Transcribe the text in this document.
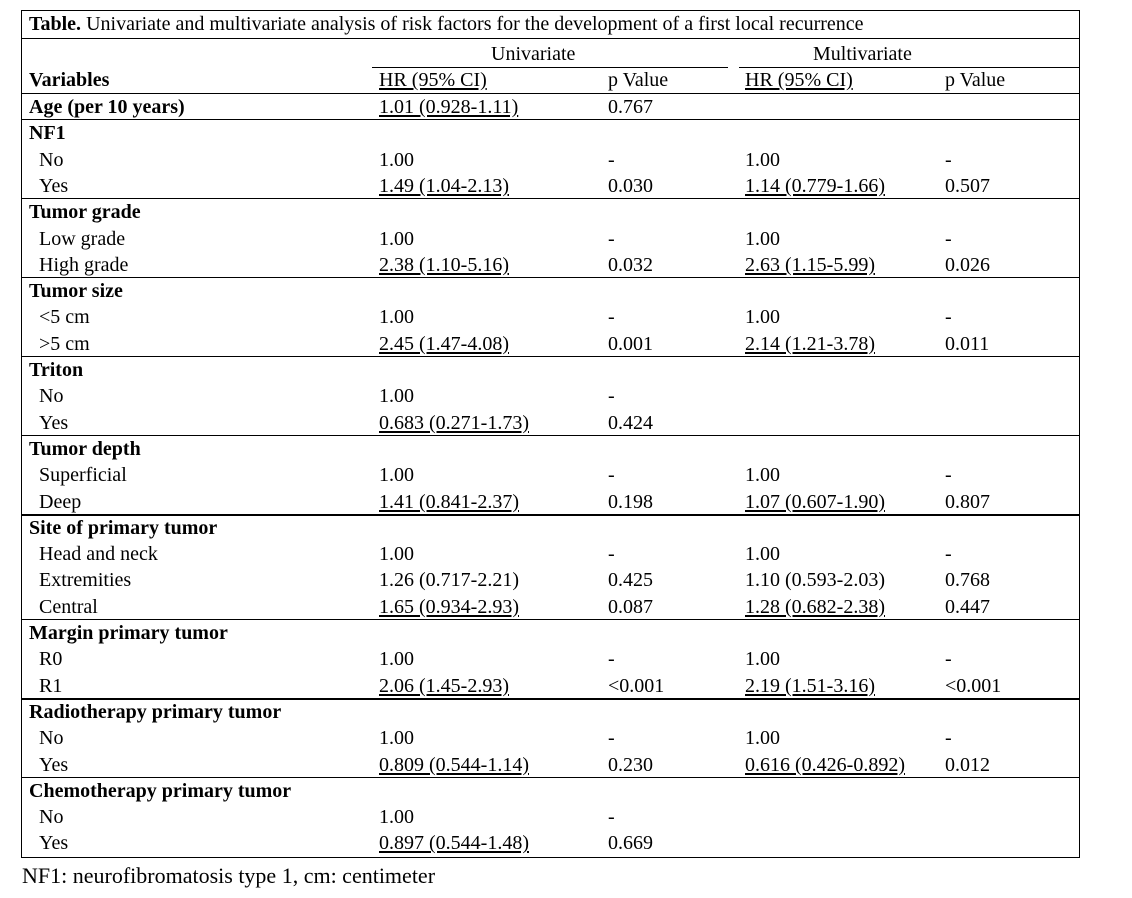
Table. Univariate and multivariate analysis of risk factors for the development of a first local recurrence
Univariate	Multivariate
Variables	HR (95% CI)	p Value	HR (95% CI)	p Value
Age (per 10 years)	1.01 (0.928-1.11)	0.767
NF1
No	1.00	-	1.00	-
Yes	1.49 (1.04-2.13)	0.030	1.14 (0.779-1.66)	0.507
Tumor grade
Low grade	1.00	-	1.00	-
High grade	2.38 (1.10-5.16)	0.032	2.63 (1.15-5.99)	0.026
Tumor size
<5 cm	1.00	-	1.00	-
>5 cm	2.45 (1.47-4.08)	0.001	2.14 (1.21-3.78)	0.011
Triton
No	1.00	-
Yes	0.683 (0.271-1.73)	0.424
Tumor depth
Superficial	1.00	-	1.00	-
Deep	1.41 (0.841-2.37)	0.198	1.07 (0.607-1.90)	0.807
Site of primary tumor
Head and neck	1.00	-	1.00	-
Extremities	1.26 (0.717-2.21)	0.425	1.10 (0.593-2.03)	0.768
Central	1.65 (0.934-2.93)	0.087	1.28 (0.682-2.38)	0.447
Margin primary tumor
R0	1.00	-	1.00	-
R1	2.06 (1.45-2.93)	<0.001	2.19 (1.51-3.16)	<0.001
Radiotherapy primary tumor
No	1.00	-	1.00	-
Yes	0.809 (0.544-1.14)	0.230	0.616 (0.426-0.892) 0.012
Chemotherapy primary tumor
No	1.00	-
Yes	0.897 (0.544-1.48)	0.669
NF1: neurofibromatosis type 1, cm: centimeter
